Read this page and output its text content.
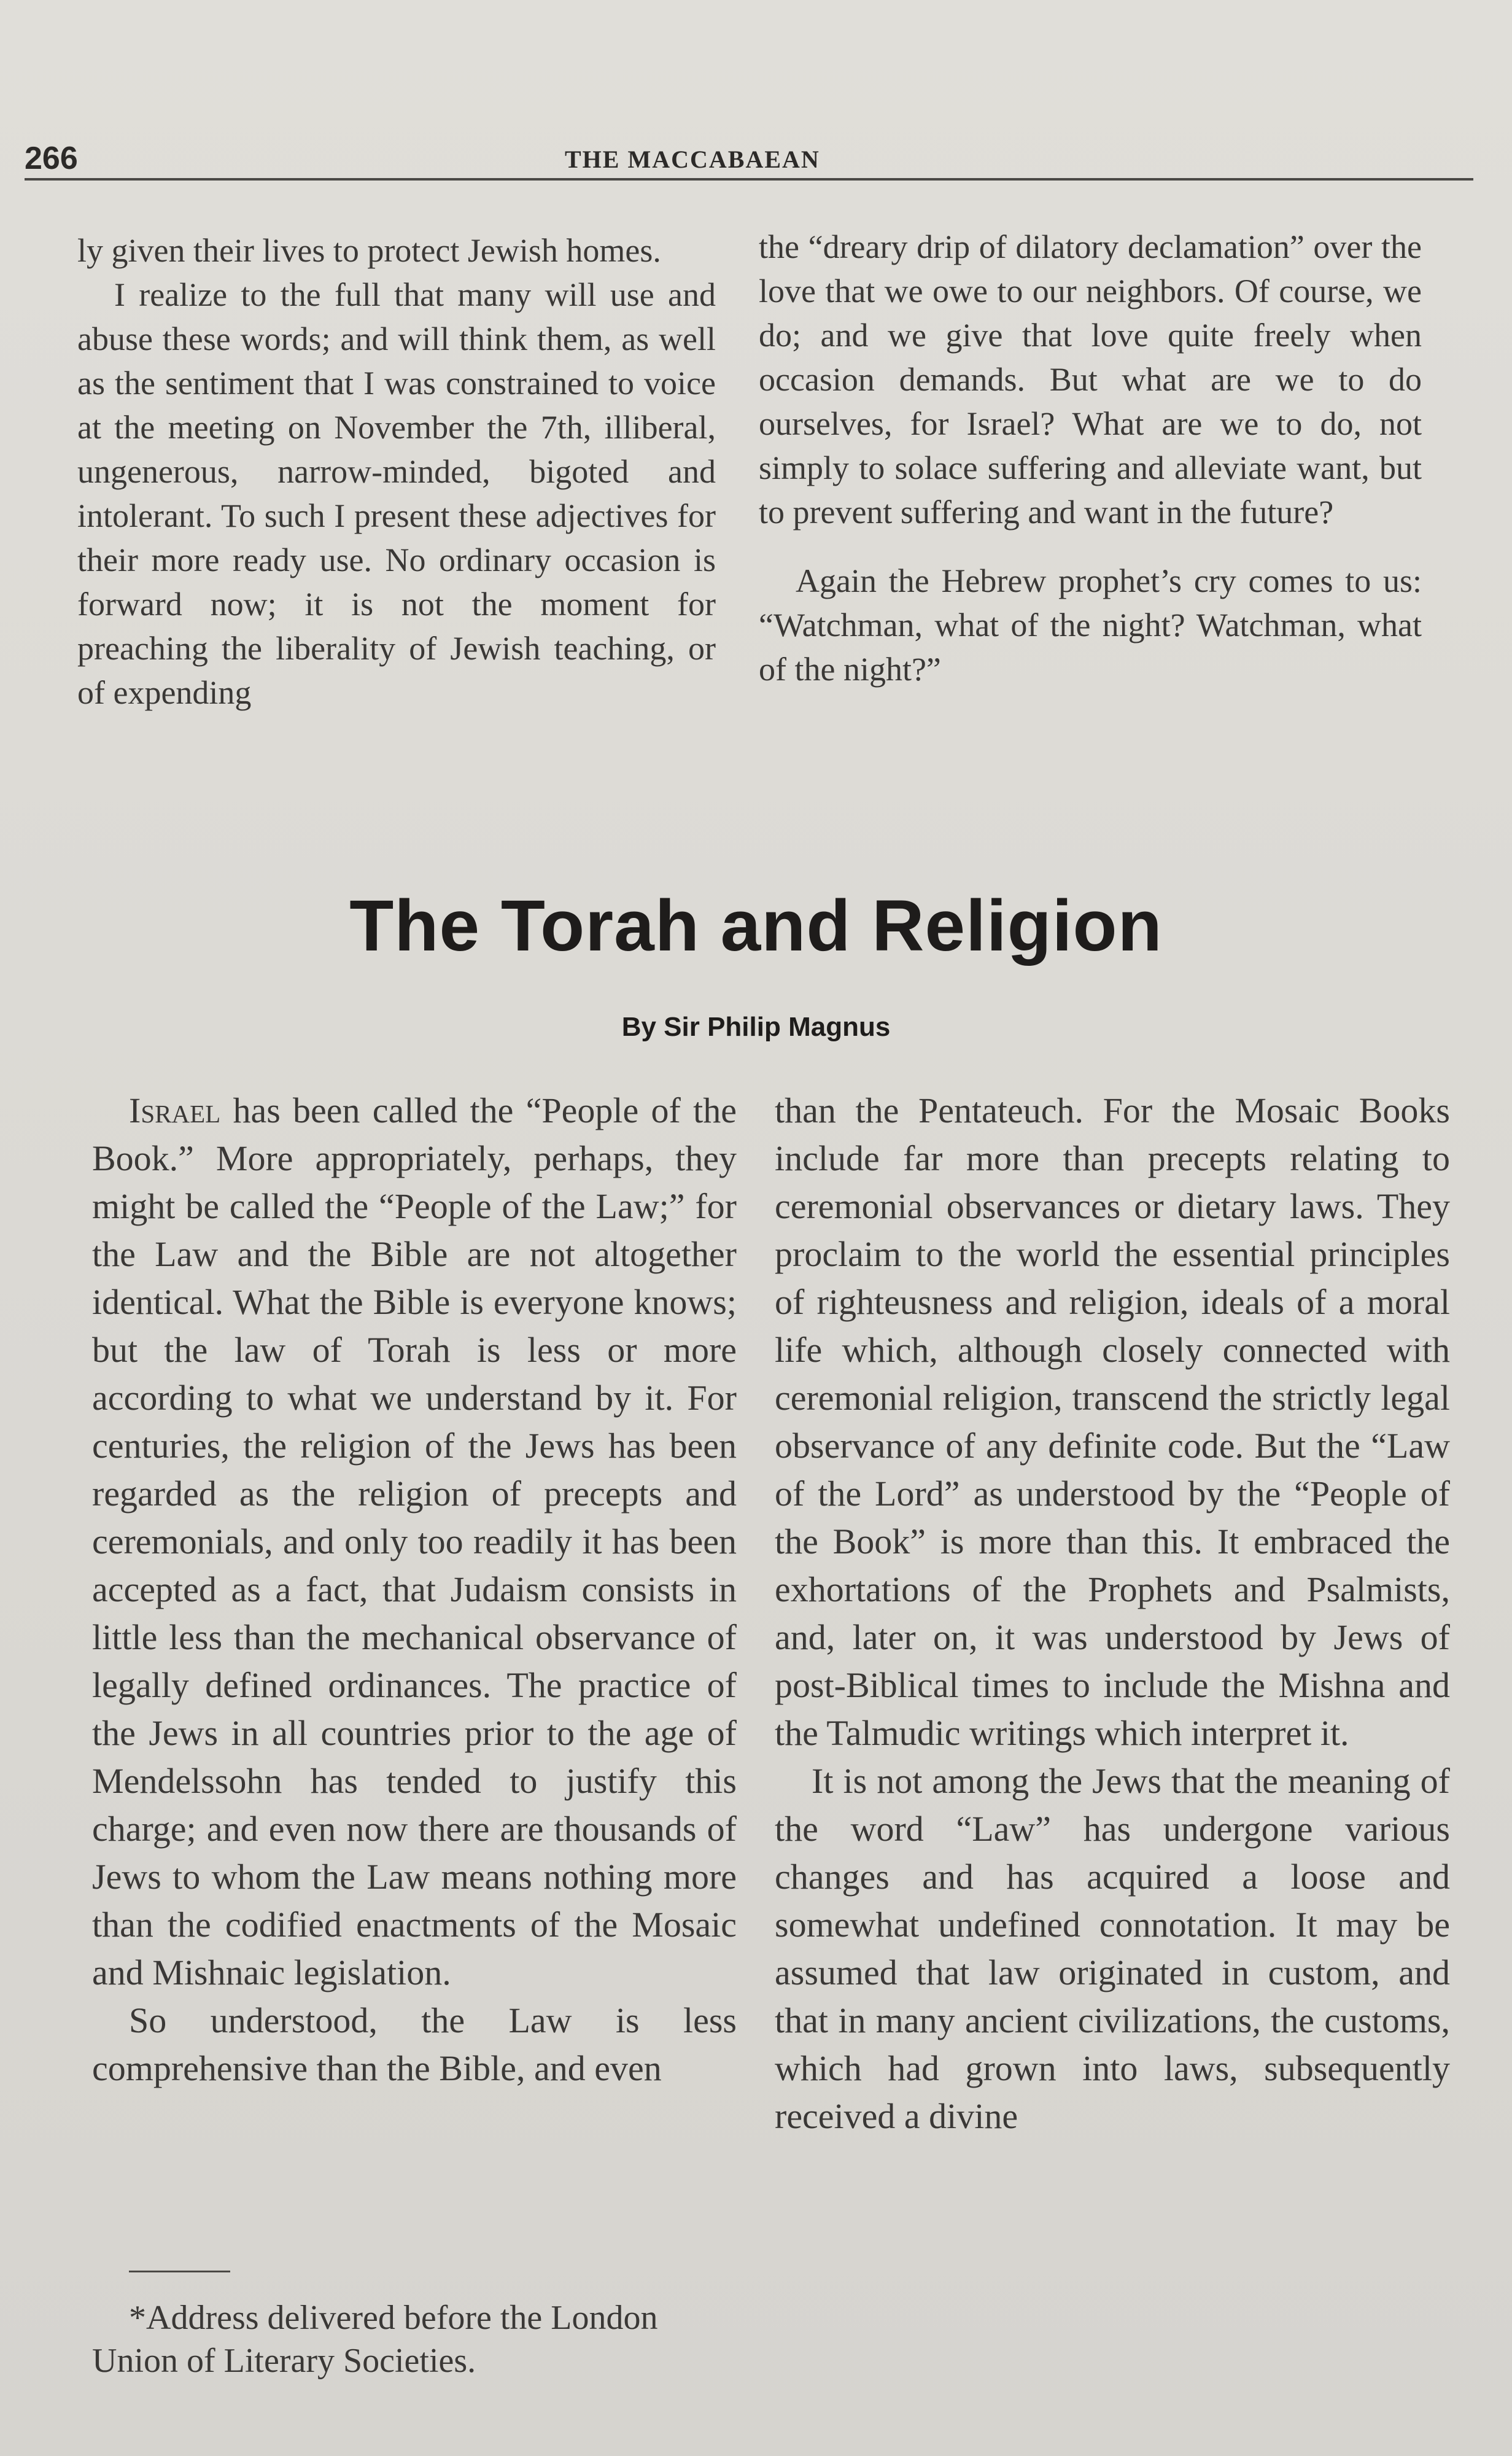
266	THE MACCABAEAN

ly given their lives to protect Jewish homes.

I realize to the full that many will use and abuse these words; and will think them, as well as the sentiment that I was constrained to voice at the meeting on November the 7th, illiberal, ungenerous, narrow-minded, bigoted and intolerant. To such I present these adjectives for their more ready use. No ordinary occasion is forward now; it is not the moment for preaching the liberality of Jewish teaching, or of expending

the “dreary drip of dilatory declamation” over the love that we owe to our neighbors. Of course, we do; and we give that love quite freely when occasion demands. But what are we to do ourselves, for Israel? What are we to do, not simply to solace suffering and alleviate want, but to prevent suffering and want in the future?

Again the Hebrew prophet’s cry comes to us: “Watchman, what of the night? Watchman, what of the night?”

The Torah and Religion
By Sir Philip Magnus

Israel has been called the “People of the Book.” More appropriately, perhaps, they might be called the “People of the Law;” for the Law and the Bible are not altogether identical. What the Bible is everyone knows; but the law of Torah is less or more according to what we understand by it. For centuries, the religion of the Jews has been regarded as the religion of precepts and ceremonials, and only too readily it has been accepted as a fact, that Judaism consists in little less than the mechanical observance of legally defined ordinances. The practice of the Jews in all countries prior to the age of Mendelssohn has tended to justify this charge; and even now there are thousands of Jews to whom the Law means nothing more than the codified enactments of the Mosaic and Mishnaic legislation.

So understood, the Law is less comprehensive than the Bible, and even

than the Pentateuch. For the Mosaic Books include far more than precepts relating to ceremonial observances or dietary laws. They proclaim to the world the essential principles of righteusness and religion, ideals of a moral life which, although closely connected with ceremonial religion, transcend the strictly legal observance of any definite code. But the “Law of the Lord” as understood by the “People of the Book” is more than this. It embraced the exhortations of the Prophets and Psalmists, and, later on, it was understood by Jews of post-Biblical times to include the Mishna and the Talmudic writings which interpret it.

It is not among the Jews that the meaning of the word “Law” has undergone various changes and has acquired a loose and somewhat undefined connotation. It may be assumed that law originated in custom, and that in many ancient civilizations, the customs, which had grown into laws, subsequently received a divine

*Address delivered before the London Union of Literary Societies.
